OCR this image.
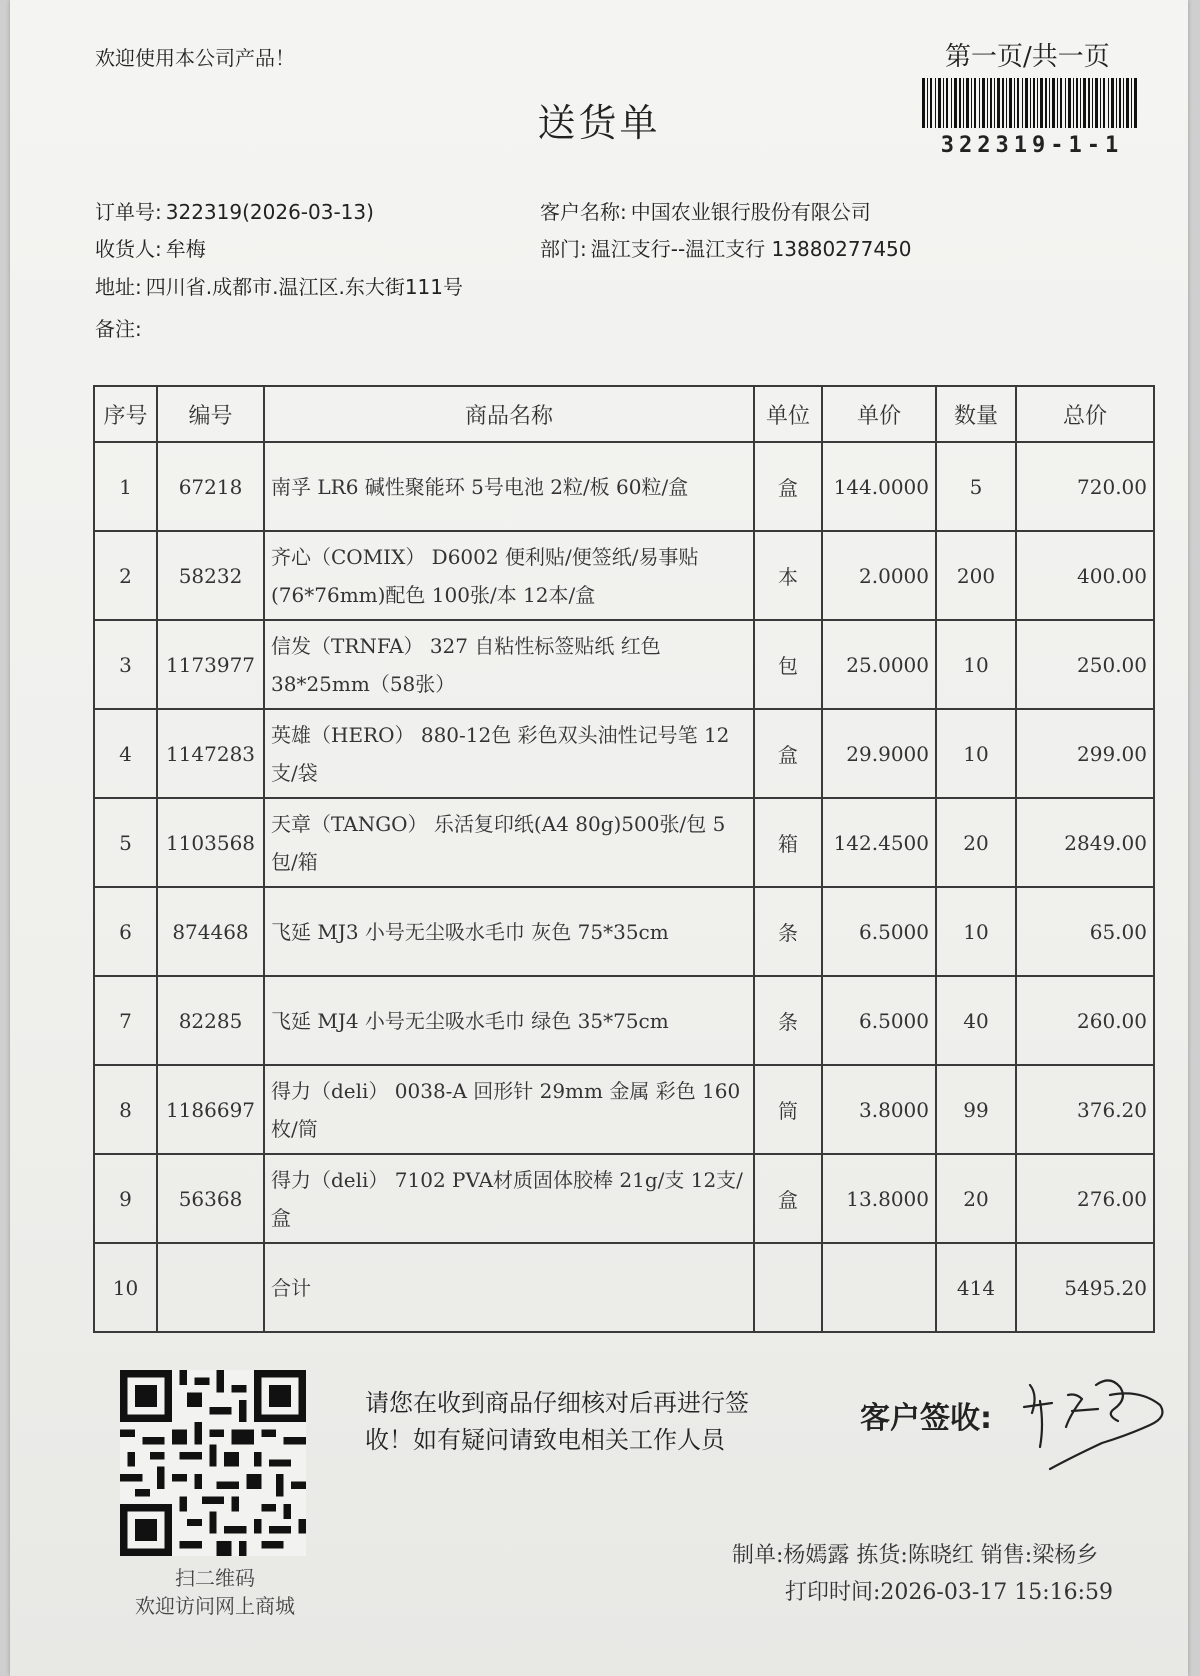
欢迎使用本公司产品！	第一页/共一页
322319-1-1
送货单
订单号: 322319(2026-03-13)
收货人: 牟梅
地址: 四川省.成都市.温江区.东大街111号
备注:
客户名称: 中国农业银行股份有限公司
部门: 温江支行--温江支行 13880277450
序号	编号	商品名称	单位	单价	数量	总价
1	67218	南孚 LR6 碱性聚能环 5号电池 2粒/板 60粒/盒	盒	144.0000	5	720.00
2	58232	齐心（COMIX） D6002 便利贴/便签纸/易事贴(76*76mm)配色 100张/本 12本/盒	本	2.0000	200	400.00
3	1173977	信发（TRNFA） 327 自粘性标签贴纸 红色 38*25mm（58张）	包	25.0000	10	250.00
4	1147283	英雄（HERO） 880-12色 彩色双头油性记号笔 12支/袋	盒	29.9000	10	299.00
5	1103568	天章（TANGO） 乐活复印纸(A4 80g)500张/包 5包/箱	箱	142.4500	20	2849.00
6	874468	飞延 MJ3 小号无尘吸水毛巾 灰色 75*35cm	条	6.5000	10	65.00
7	82285	飞延 MJ4 小号无尘吸水毛巾 绿色 35*75cm	条	6.5000	40	260.00
8	1186697	得力（deli） 0038-A 回形针 29mm 金属 彩色 160枚/筒	筒	3.8000	99	376.20
9	56368	得力（deli） 7102 PVA材质固体胶棒 21g/支 12支/盒	盒	13.8000	20	276.00
10		合计			414	5495.20
扫二维码
欢迎访问网上商城
请您在收到商品仔细核对后再进行签收！如有疑问请致电相关工作人员
客户签收:
制单:杨嫣露 拣货:陈晓红 销售:梁杨乡
打印时间:2026-03-17 15:16:59
